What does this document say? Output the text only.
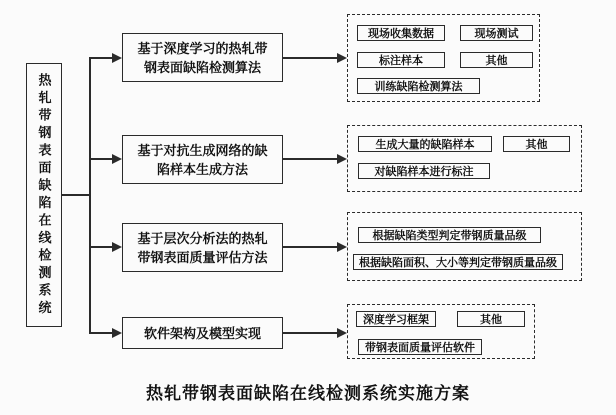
热轧带钢表面缺陷在线检测系统
基于深度学习的热轧带
钢表面缺陷检测算法
现场收集数据	现场测试
标注样本	其他
训练缺陷检测算法
基于对抗生成网络的缺
陷样本生成方法
生成大量的缺陷样本	其他
对缺陷样本进行标注
基于层次分析法的热轧
带钢表面质量评估方法
根据缺陷类型判定带钢质量品级
根据缺陷面积、大小等判定带钢质量品级
软件架构及模型实现
深度学习框架	其他
带钢表面质量评估软件
热轧带钢表面缺陷在线检测系统实施方案
